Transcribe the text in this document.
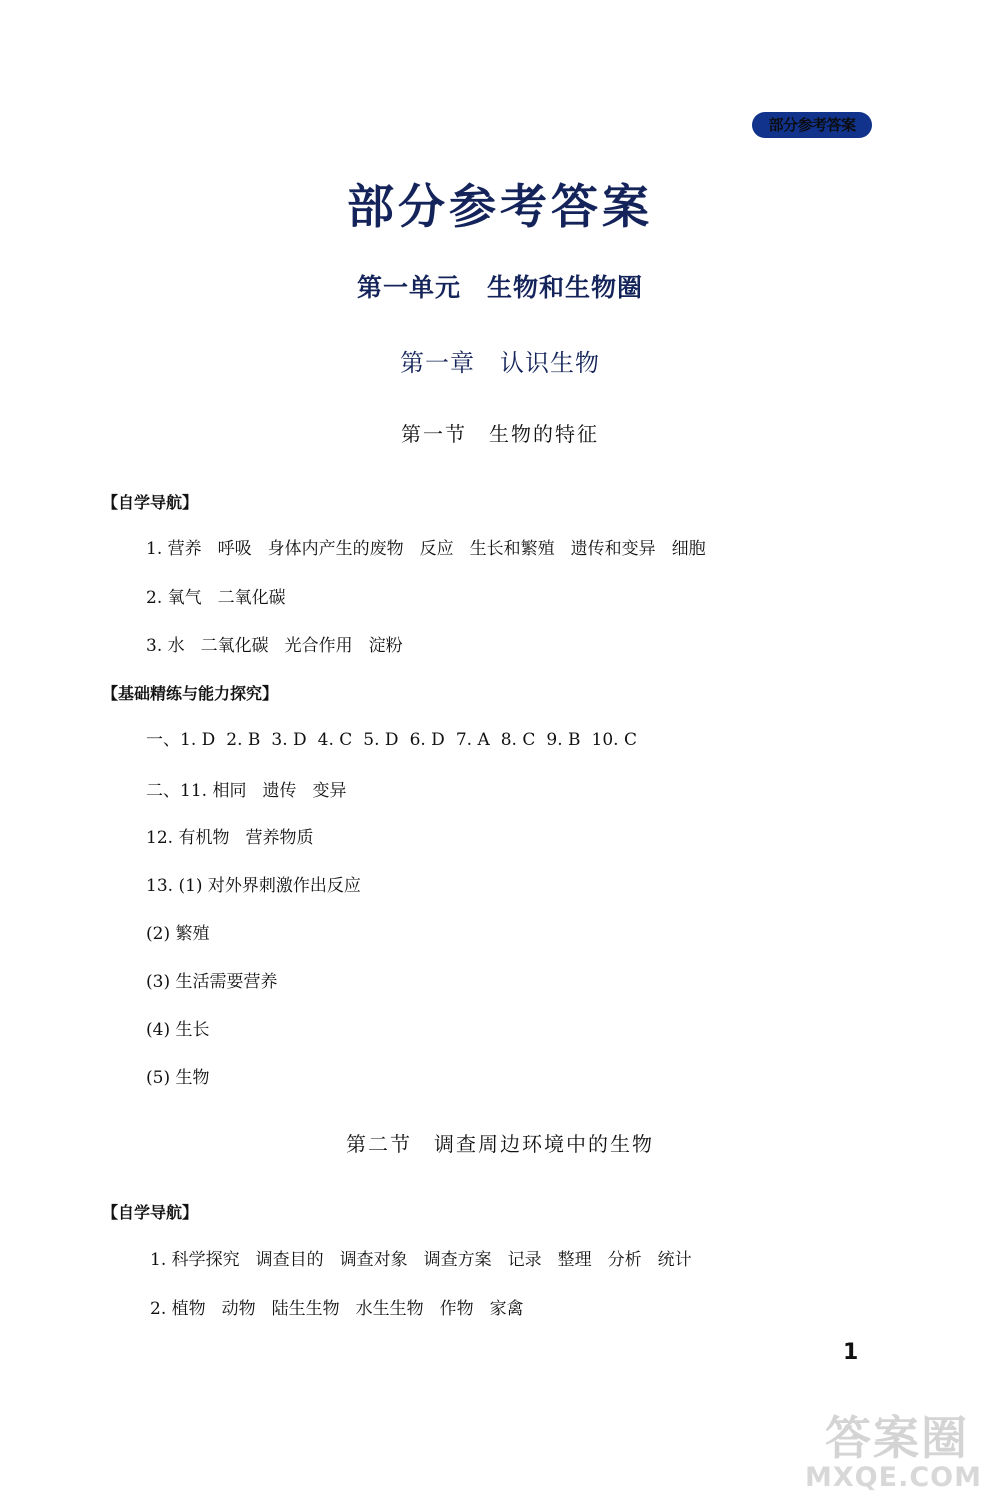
部分参考答案
部分参考答案
第一单元　生物和生物圈
第一章　认识生物
第一节　生物的特征
【自学导航】
1. 营养 呼吸 身体内产生的废物 反应 生长和繁殖 遗传和变异 细胞
2. 氧气 二氧化碳
3. 水 二氧化碳 光合作用 淀粉
【基础精练与能力探究】
一、1. D 2. B 3. D 4. C 5. D 6. D 7. A 8. C 9. B 10. C
二、11. 相同 遗传 变异
12. 有机物 营养物质
13. (1) 对外界刺激作出反应
(2) 繁殖
(3) 生活需要营养
(4) 生长
(5) 生物
第二节　调查周边环境中的生物
【自学导航】
1. 科学探究 调查目的 调查对象 调查方案 记录 整理 分析 统计
2. 植物 动物 陆生生物 水生生物 作物 家禽
1
答案圈
MXQE.COM
